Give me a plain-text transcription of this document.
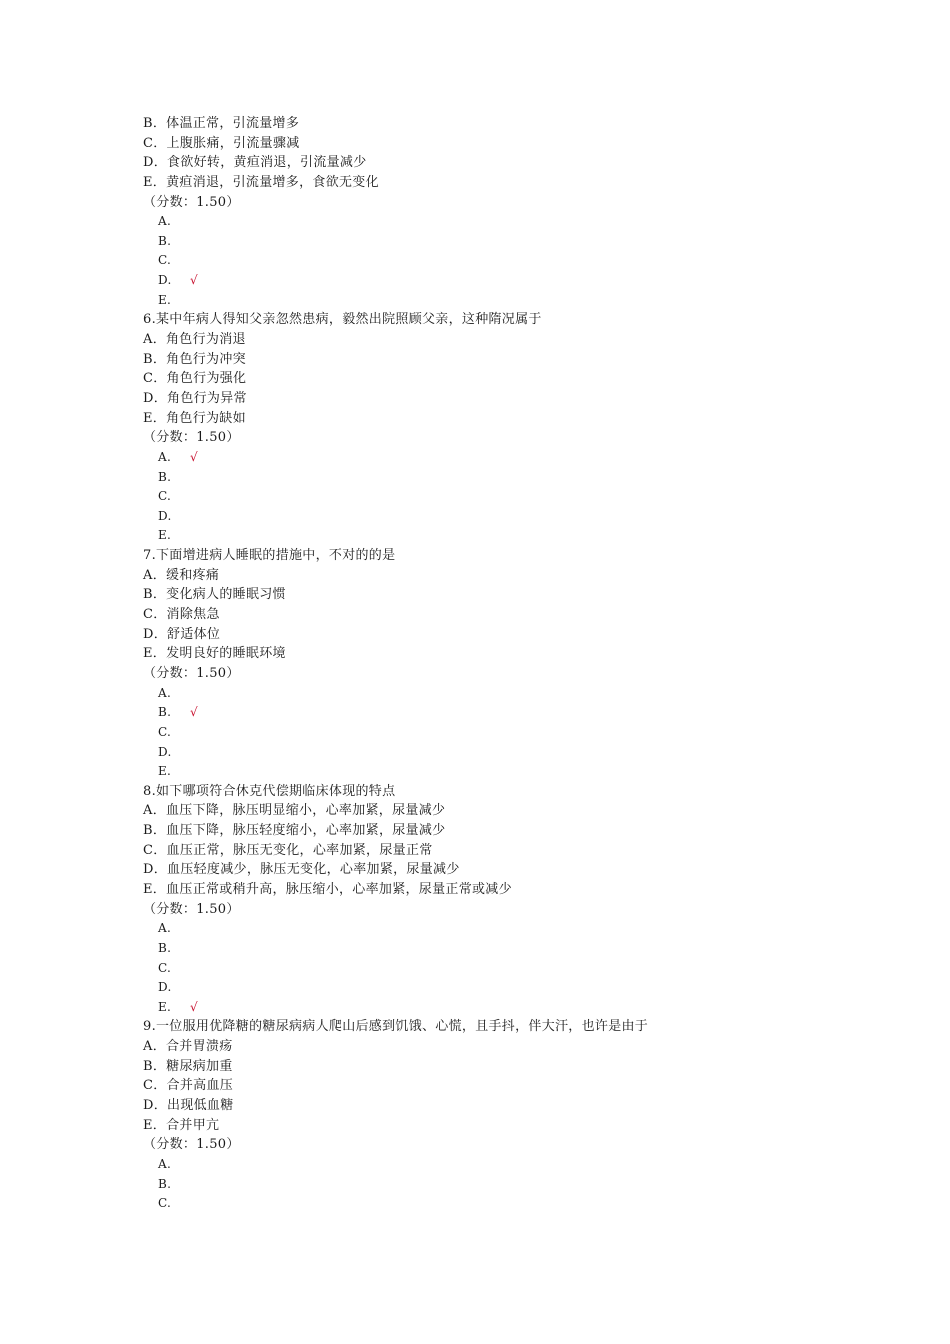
B．体温正常，引流量增多
C．上腹胀痛，引流量骤减
D．食欲好转，黄疸消退，引流量减少
E．黄疸消退，引流量增多，食欲无变化
（分数：1.50）
A.
B.
C.
D. √
E.
6.某中年病人得知父亲忽然患病，毅然出院照顾父亲，这种隋况属于
A．角色行为消退
B．角色行为冲突
C．角色行为强化
D．角色行为异常
E．角色行为缺如
（分数：1.50）
A. √
B.
C.
D.
E.
7.下面增进病人睡眠的措施中，不对的的是
A．缓和疼痛
B．变化病人的睡眠习惯
C．消除焦急
D．舒适体位
E．发明良好的睡眠环境
（分数：1.50）
A.
B. √
C.
D.
E.
8.如下哪项符合休克代偿期临床体现的特点
A．血压下降，脉压明显缩小，心率加紧，尿量减少
B．血压下降，脉压轻度缩小，心率加紧，尿量减少
C．血压正常，脉压无变化，心率加紧，尿量正常
D．血压轻度减少，脉压无变化，心率加紧，尿量减少
E．血压正常或稍升高，脉压缩小，心率加紧，尿量正常或减少
（分数：1.50）
A.
B.
C.
D.
E. √
9.一位服用优降糖的糖尿病病人爬山后感到饥饿、心慌，且手抖，伴大汗，也许是由于
A．合并胃溃疡
B．糖尿病加重
C．合并高血压
D．出现低血糖
E．合并甲亢
（分数：1.50）
A.
B.
C.
